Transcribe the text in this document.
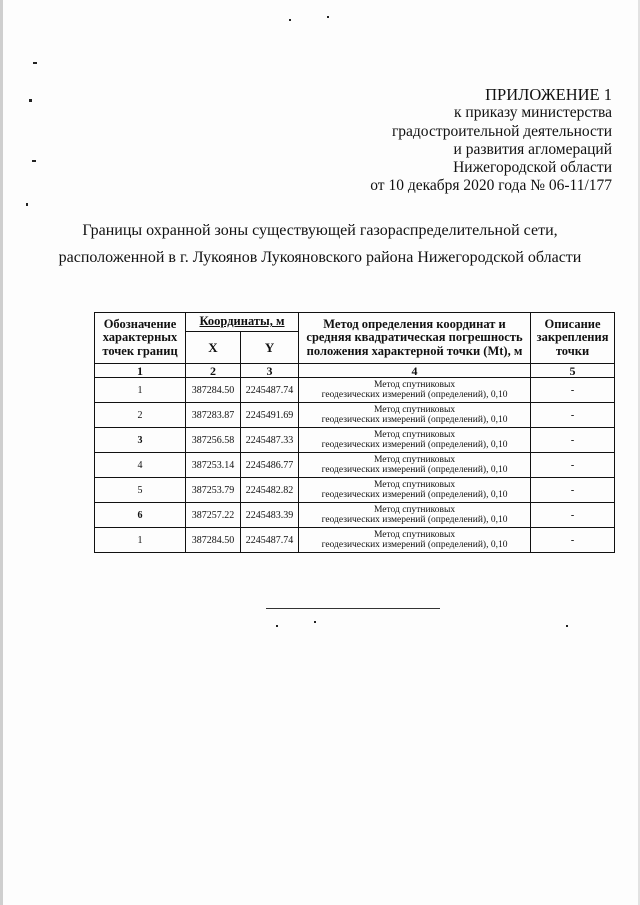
ПРИЛОЖЕНИЕ 1
к приказу министерства
градостроительной деятельности
и развития агломераций
Нижегородской области
от 10 декабря 2020 года № 06-11/177
Границы охранной зоны существующей газораспределительной сети,
расположенной в г. Лукоянов Лукояновского района Нижегородской области
Обозначение характерных точек границ	Координаты, м		Метод определения координат и средняя квадратическая погрешность положения характерной точки (Mt), м	Описание закрепления точки
	X	Y		
1	2	3	4	5
1	387284.50	2245487.74	Метод спутниковых
геодезических измерений (определений), 0,10	-
2	387283.87	2245491.69	Метод спутниковых
геодезических измерений (определений), 0,10	-
3	387256.58	2245487.33	Метод спутниковых
геодезических измерений (определений), 0,10	-
4	387253.14	2245486.77	Метод спутниковых
геодезических измерений (определений), 0,10	-
5	387253.79	2245482.82	Метод спутниковых
геодезических измерений (определений), 0,10	-
6	387257.22	2245483.39	Метод спутниковых
геодезических измерений (определений), 0,10	-
1	387284.50	2245487.74	Метод спутниковых
геодезических измерений (определений), 0,10	-
